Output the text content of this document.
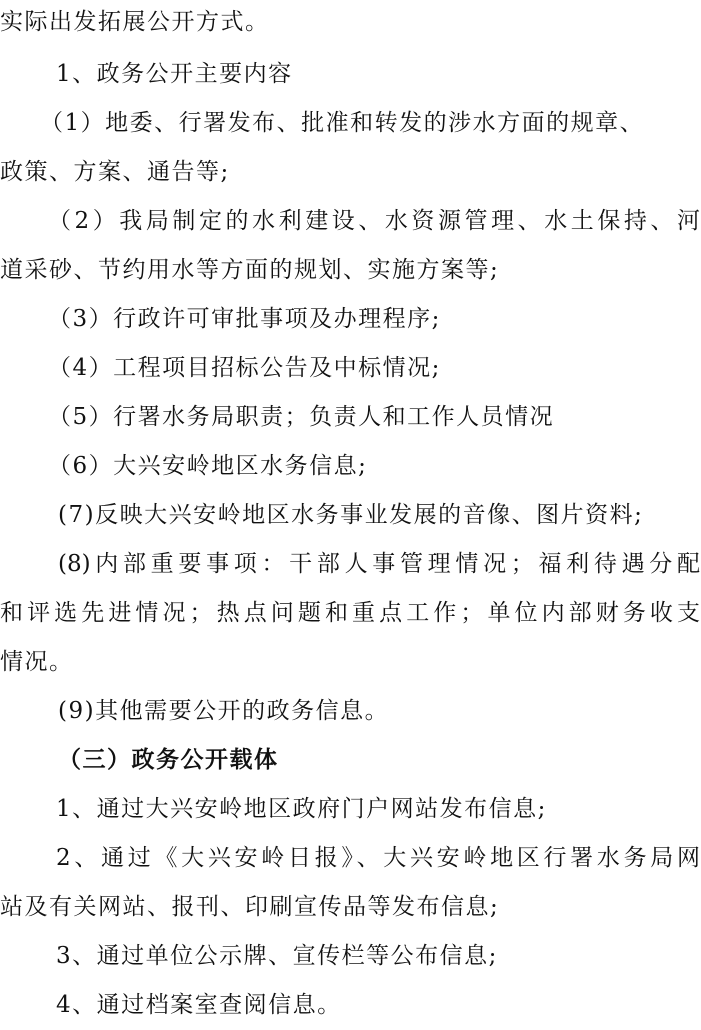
实际出发拓展公开方式。
1、政务公开主要内容
（1）地委、行署发布、批准和转发的涉水方面的规章、
政策、方案、通告等;
（2）我局制定的水利建设、水资源管理、水土保持、河
道采砂、节约用水等方面的规划、实施方案等;
（3）行政许可审批事项及办理程序;
（4）工程项目招标公告及中标情况;
（5）行署水务局职责；负责人和工作人员情况
（6）大兴安岭地区水务信息;
(7)反映大兴安岭地区水务事业发展的音像、图片资料;
(8)内部重要事项：干部人事管理情况；福利待遇分配
和评选先进情况；热点问题和重点工作；单位内部财务收支
情况。
(9)其他需要公开的政务信息。
（三）政务公开载体
1、通过大兴安岭地区政府门户网站发布信息;
2、通过《大兴安岭日报》、大兴安岭地区行署水务局网
站及有关网站、报刊、印刷宣传品等发布信息;
3、通过单位公示牌、宣传栏等公布信息;
4、通过档案室查阅信息。
